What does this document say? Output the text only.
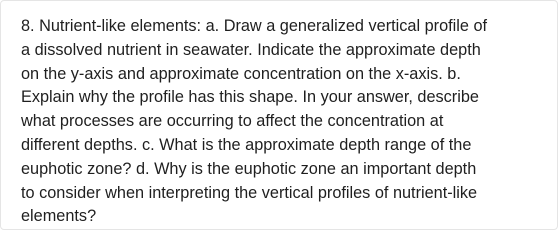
8. Nutrient-like elements: a. Draw a generalized vertical profile of
a dissolved nutrient in seawater. Indicate the approximate depth
on the y-axis and approximate concentration on the x-axis. b.
Explain why the profile has this shape. In your answer, describe
what processes are occurring to affect the concentration at
different depths. c. What is the approximate depth range of the
euphotic zone? d. Why is the euphotic zone an important depth
to consider when interpreting the vertical profiles of nutrient-like
elements?
